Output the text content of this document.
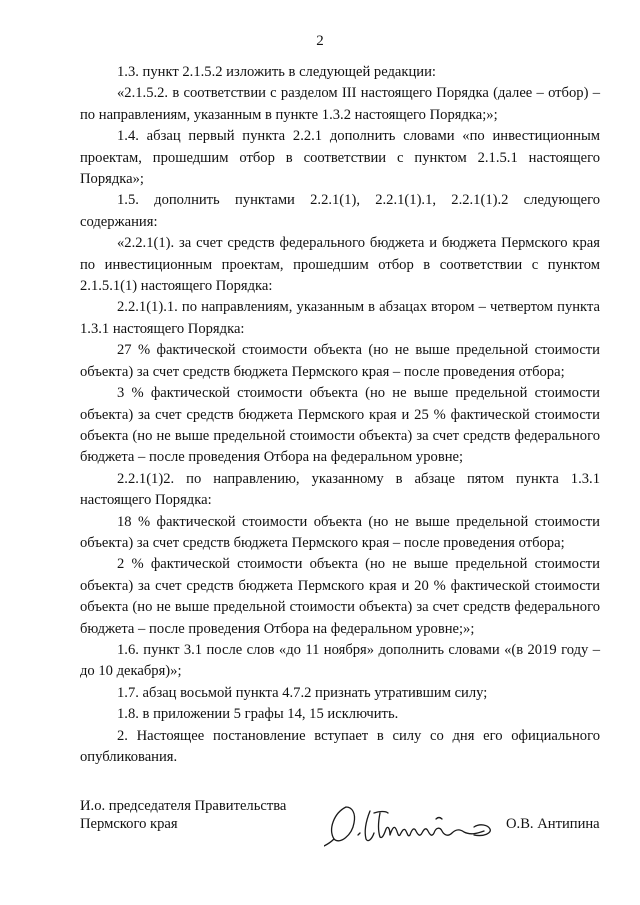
2

1.3. пункт 2.1.5.2 изложить в следующей редакции:

«2.1.5.2. в соответствии с разделом III настоящего Порядка (далее – отбор) – по направлениям, указанным в пункте 1.3.2 настоящего Порядка;»;

1.4. абзац первый пункта 2.2.1 дополнить словами «по инвестиционным проектам, прошедшим отбор в соответствии с пунктом 2.1.5.1 настоящего Порядка»;

1.5. дополнить пунктами 2.2.1(1), 2.2.1(1).1, 2.2.1(1).2 следующего содержания:

«2.2.1(1). за счет средств федерального бюджета и бюджета Пермского края по инвестиционным проектам, прошедшим отбор в соответствии с пунктом 2.1.5.1(1) настоящего Порядка:

2.2.1(1).1. по направлениям, указанным в абзацах втором – четвертом пункта 1.3.1 настоящего Порядка:

27 % фактической стоимости объекта (но не выше предельной стоимости объекта) за счет средств бюджета Пермского края – после проведения отбора;

3 % фактической стоимости объекта (но не выше предельной стоимости объекта) за счет средств бюджета Пермского края и 25 % фактической стоимости объекта (но не выше предельной стоимости объекта) за счет средств федерального бюджета – после проведения Отбора на федеральном уровне;

2.2.1(1)2. по направлению, указанному в абзаце пятом пункта 1.3.1 настоящего Порядка:

18 % фактической стоимости объекта (но не выше предельной стоимости объекта) за счет средств бюджета Пермского края – после проведения отбора;

2 % фактической стоимости объекта (но не выше предельной стоимости объекта) за счет средств бюджета Пермского края и 20 % фактической стоимости объекта (но не выше предельной стоимости объекта) за счет средств федерального бюджета – после проведения Отбора на федеральном уровне;»;

1.6. пункт 3.1 после слов «до 11 ноября» дополнить словами «(в 2019 году – до 10 декабря)»;

1.7. абзац восьмой пункта 4.7.2 признать утратившим силу;

1.8. в приложении 5 графы 14, 15 исключить.

2. Настоящее постановление вступает в силу со дня его официального опубликования.

И.о. председателя Правительства
Пермского края	О.В. Антипина
